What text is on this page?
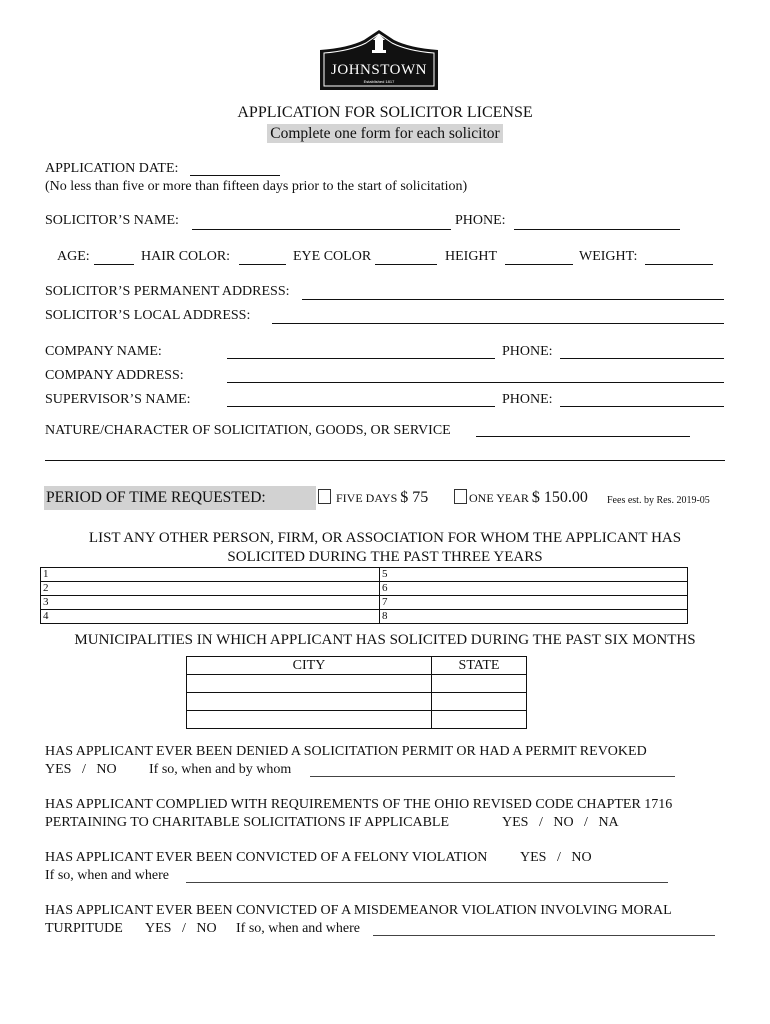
JOHNSTOWN
Established 1817
APPLICATION FOR SOLICITOR LICENSE
Complete one form for each solicitor
APPLICATION DATE:
(No less than five or more than fifteen days prior to the start of solicitation)
SOLICITOR’S NAME:	PHONE:
AGE:	HAIR COLOR:	EYE COLOR	HEIGHT	WEIGHT:
SOLICITOR’S PERMANENT ADDRESS:
SOLICITOR’S LOCAL ADDRESS:
COMPANY NAME:	PHONE:
COMPANY ADDRESS:
SUPERVISOR’S NAME:	PHONE:
NATURE/CHARACTER OF SOLICITATION, GOODS, OR SERVICE
PERIOD OF TIME REQUESTED:	FIVE DAYS $ 75	ONE YEAR $ 150.00 Fees est. by Res. 2019-05
LIST ANY OTHER PERSON, FIRM, OR ASSOCIATION FOR WHOM THE APPLICANT HAS
SOLICITED DURING THE PAST THREE YEARS
1	5
2	6
3	7
4	8
MUNICIPALITIES IN WHICH APPLICANT HAS SOLICITED DURING THE PAST SIX MONTHS
CITY	STATE

HAS APPLICANT EVER BEEN DENIED A SOLICITATION PERMIT OR HAD A PERMIT REVOKED
YES   /   NO If so, when and by whom
HAS APPLICANT COMPLIED WITH REQUIREMENTS OF THE OHIO REVISED CODE CHAPTER 1716
PERTAINING TO CHARITABLE SOLICITATIONS IF APPLICABLE	YES   /   NO   /   NA
HAS APPLICANT EVER BEEN CONVICTED OF A FELONY VIOLATION YES   /   NO
If so, when and where
HAS APPLICANT EVER BEEN CONVICTED OF A MISDEMEANOR VIOLATION INVOLVING MORAL
TURPITUDE YES   /   NO If so, when and where
